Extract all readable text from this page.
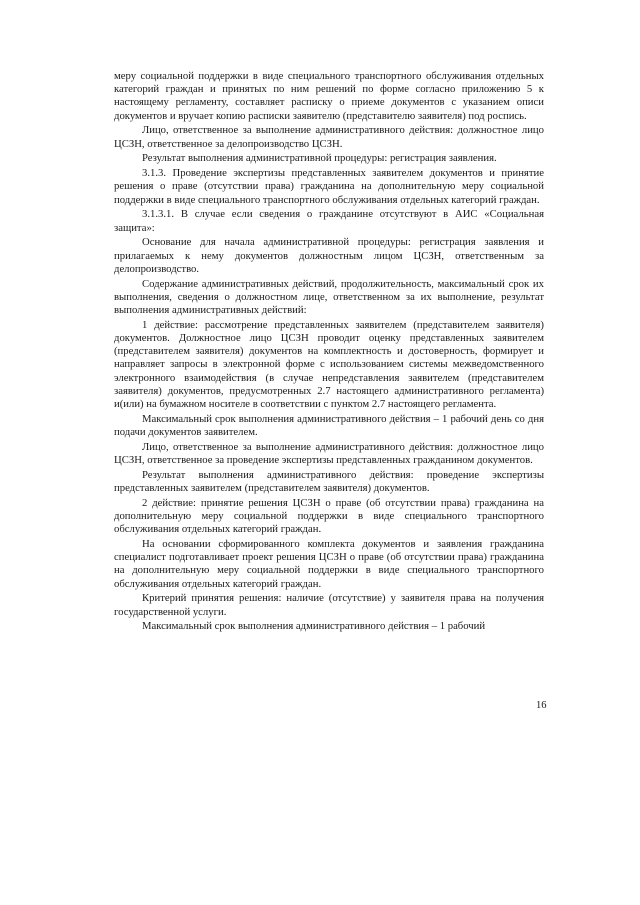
меру социальной поддержки в виде специального транспортного обслуживания отдельных категорий граждан и принятых по ним решений по форме согласно приложению 5 к настоящему регламенту, составляет расписку о приеме документов с указанием описи документов и вручает копию расписки заявителю (представителю заявителя) под роспись.

Лицо, ответственное за выполнение административного действия: должностное лицо ЦСЗН, ответственное за делопроизводство ЦСЗН.

Результат выполнения административной процедуры: регистрация заявления.

3.1.3. Проведение экспертизы представленных заявителем документов и принятие решения о праве (отсутствии права) гражданина на дополнительную меру социальной поддержки в виде специального транспортного обслуживания отдельных категорий граждан.

3.1.3.1. В случае если сведения о гражданине отсутствуют в АИС «Социальная защита»:

Основание для начала административной процедуры: регистрация заявления и прилагаемых к нему документов должностным лицом ЦСЗН, ответственным за делопроизводство.

Содержание административных действий, продолжительность, максимальный срок их выполнения, сведения о должностном лице, ответственном за их выполнение, результат выполнения административных действий:

1 действие: рассмотрение представленных заявителем (представителем заявителя) документов. Должностное лицо ЦСЗН проводит оценку представленных заявителем (представителем заявителя) документов на комплектность и достоверность, формирует и направляет запросы в электронной форме с использованием системы межведомственного электронного взаимодействия (в случае непредставления заявителем (представителем заявителя) документов, предусмотренных 2.7 настоящего административного регламента) и(или) на бумажном носителе в соответствии с пунктом 2.7 настоящего регламента.

Максимальный срок выполнения административного действия – 1 рабочий день со дня подачи документов заявителем.

Лицо, ответственное за выполнение административного действия: должностное лицо ЦСЗН, ответственное за проведение экспертизы представленных гражданином документов.

Результат выполнения административного действия: проведение экспертизы представленных заявителем (представителем заявителя) документов.

2 действие: принятие решения ЦСЗН о праве (об отсутствии права) гражданина на дополнительную меру социальной поддержки в виде специального транспортного обслуживания отдельных категорий граждан.

На основании сформированного комплекта документов и заявления гражданина специалист подготавливает проект решения ЦСЗН о праве (об отсутствии права) гражданина на дополнительную меру социальной поддержки в виде специального транспортного обслуживания отдельных категорий граждан.

Критерий принятия решения: наличие (отсутствие) у заявителя права на получения государственной услуги.

Максимальный срок выполнения административного действия – 1 рабочий

16
